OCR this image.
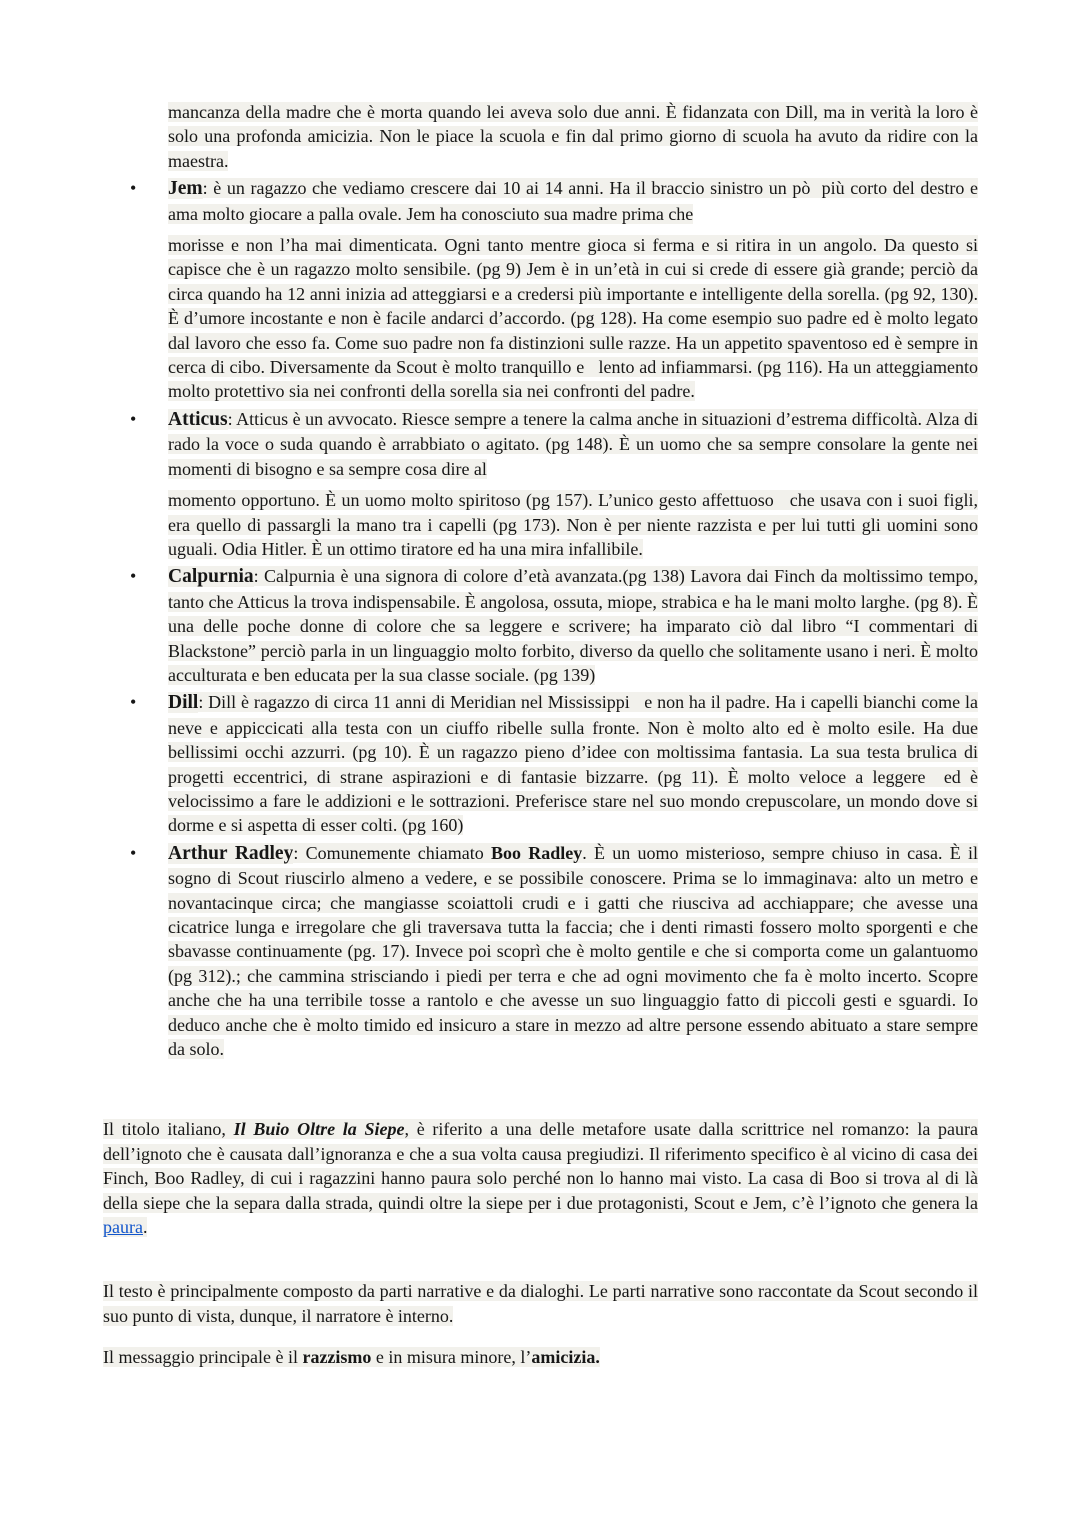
mancanza della madre che è morta quando lei aveva solo due anni. È fidanzata con Dill, ma in verità la loro è solo una profonda amicizia. Non le piace la scuola e fin dal primo giorno di scuola ha avuto da ridire con la maestra.
•	Jem: è un ragazzo che vediamo crescere dai 10 ai 14 anni. Ha il braccio sinistro un pò  più corto del destro e ama molto giocare a palla ovale. Jem ha conosciuto sua madre prima che
morisse e non l’ha mai dimenticata. Ogni tanto mentre gioca si ferma e si ritira in un angolo. Da questo si capisce che è un ragazzo molto sensibile. (pg 9) Jem è in un’età in cui si crede di essere già grande; perciò da circa quando ha 12 anni inizia ad atteggiarsi e a credersi più importante e intelligente della sorella. (pg 92, 130). È d’umore incostante e non è facile andarci d’accordo. (pg 128). Ha come esempio suo padre ed è molto legato dal lavoro che esso fa. Come suo padre non fa distinzioni sulle razze. Ha un appetito spaventoso ed è sempre in cerca di cibo. Diversamente da Scout è molto tranquillo e   lento ad infiammarsi. (pg 116). Ha un atteggiamento molto protettivo sia nei confronti della sorella sia nei confronti del padre.
•	Atticus: Atticus è un avvocato. Riesce sempre a tenere la calma anche in situazioni d’estrema difficoltà. Alza di rado la voce o suda quando è arrabbiato o agitato. (pg 148). È un uomo che sa sempre consolare la gente nei momenti di bisogno e sa sempre cosa dire al
momento opportuno. È un uomo molto spiritoso (pg 157). L’unico gesto affettuoso   che usava con i suoi figli, era quello di passargli la mano tra i capelli (pg 173). Non è per niente razzista e per lui tutti gli uomini sono uguali. Odia Hitler. È un ottimo tiratore ed ha una mira infallibile.
•	Calpurnia: Calpurnia è una signora di colore d’età avanzata.(pg 138) Lavora dai Finch da moltissimo tempo, tanto che Atticus la trova indispensabile. È angolosa, ossuta, miope, strabica e ha le mani molto larghe. (pg 8). È una delle poche donne di colore che sa leggere e scrivere; ha imparato ciò dal libro “I commentari di Blackstone” perciò parla in un linguaggio molto forbito, diverso da quello che solitamente usano i neri. È molto acculturata e ben educata per la sua classe sociale. (pg 139)
•	Dill: Dill è ragazzo di circa 11 anni di Meridian nel Mississippi   e non ha il padre. Ha i capelli bianchi come la neve e appiccicati alla testa con un ciuffo ribelle sulla fronte. Non è molto alto ed è molto esile. Ha due bellissimi occhi azzurri. (pg 10). È un ragazzo pieno d’idee con moltissima fantasia. La sua testa brulica di progetti eccentrici, di strane aspirazioni e di fantasie bizzarre. (pg 11). È molto veloce a leggere  ed è velocissimo a fare le addizioni e le sottrazioni. Preferisce stare nel suo mondo crepuscolare, un mondo dove si dorme e si aspetta di esser colti. (pg 160)
•	Arthur Radley: Comunemente chiamato Boo Radley. È un uomo misterioso, sempre chiuso in casa. È il sogno di Scout riuscirlo almeno a vedere, e se possibile conoscere. Prima se lo immaginava: alto un metro e novantacinque circa; che mangiasse scoiattoli crudi e i gatti che riusciva ad acchiappare; che avesse una cicatrice lunga e irregolare che gli traversava tutta la faccia; che i denti rimasti fossero molto sporgenti e che sbavasse continuamente (pg. 17). Invece poi scoprì che è molto gentile e che si comporta come un galantuomo (pg 312).; che cammina strisciando i piedi per terra e che ad ogni movimento che fa è molto incerto. Scopre anche che ha una terribile tosse a rantolo e che avesse un suo linguaggio fatto di piccoli gesti e sguardi. Io deduco anche che è molto timido ed insicuro a stare in mezzo ad altre persone essendo abituato a stare sempre da solo.
Il titolo italiano, Il Buio Oltre la Siepe, è riferito a una delle metafore usate dalla scrittrice nel romanzo: la paura dell’ignoto che è causata dall’ignoranza e che a sua volta causa pregiudizi. Il riferimento specifico è al vicino di casa dei Finch, Boo Radley, di cui i ragazzini hanno paura solo perché non lo hanno mai visto. La casa di Boo si trova al di là della siepe che la separa dalla strada, quindi oltre la siepe per i due protagonisti, Scout e Jem, c’è l’ignoto che genera la paura.
Il testo è principalmente composto da parti narrative e da dialoghi. Le parti narrative sono raccontate da Scout secondo il suo punto di vista, dunque, il narratore è interno.
Il messaggio principale è il razzismo e in misura minore, l’amicizia.
